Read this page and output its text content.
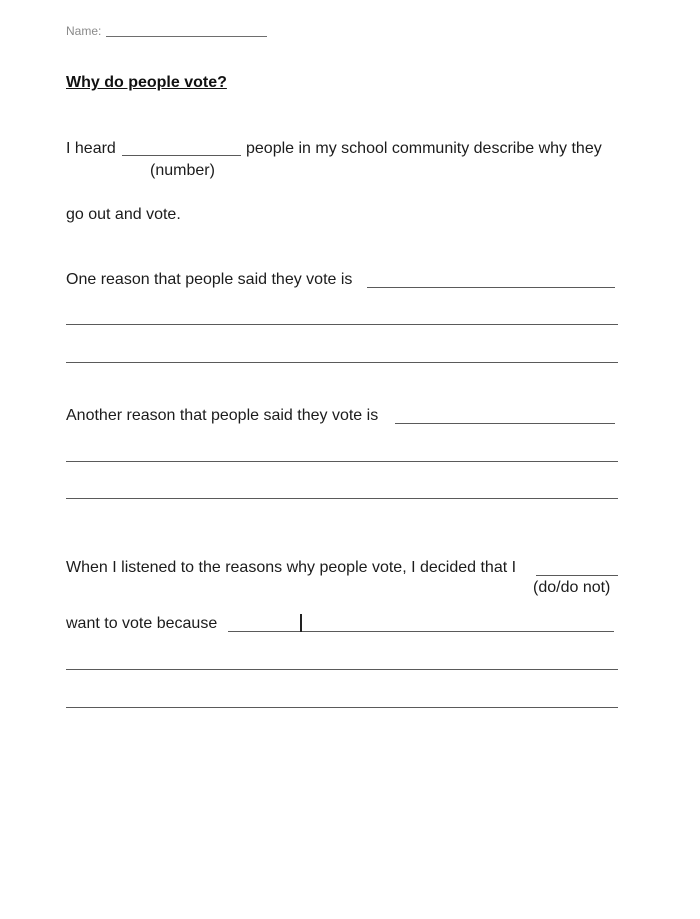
Name:
Why do people vote?
I heard	people in my school community describe why they
(number)
go out and vote.
One reason that people said they vote is
Another reason that people said they vote is
When I listened to the reasons why people vote, I decided that I
(do/do not)
want to vote because
